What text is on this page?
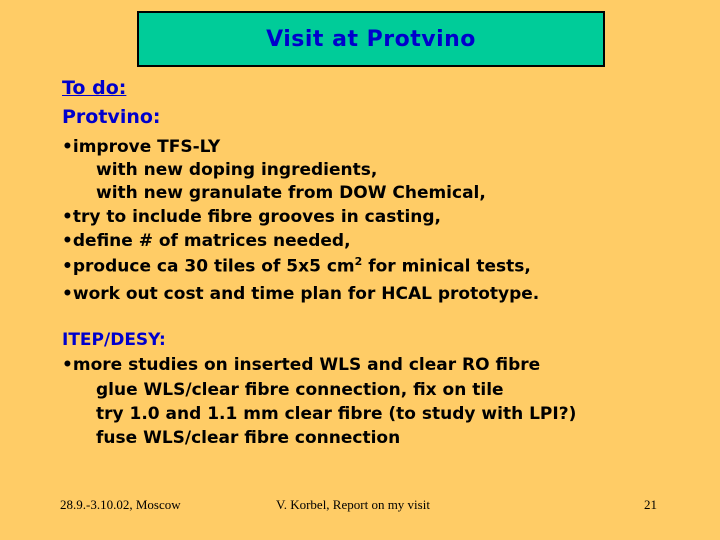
Visit at Protvino
To do:
Protvino:
•improve TFS-LY
with new doping ingredients,
with new granulate from DOW Chemical,
•try to include fibre grooves in casting,
•define # of matrices needed,
•produce ca 30 tiles of 5x5 $cm^2$ for minical tests,
•work out cost and time plan for HCAL prototype.
ITEP/DESY:
•more studies on inserted WLS and clear RO fibre
glue WLS/clear fibre connection, fix on tile
try 1.0 and 1.1 mm clear fibre (to study with LPI?)
fuse WLS/clear fibre connection
28.9.-3.10.02, Moscow	V. Korbel, Report on my visit	21
